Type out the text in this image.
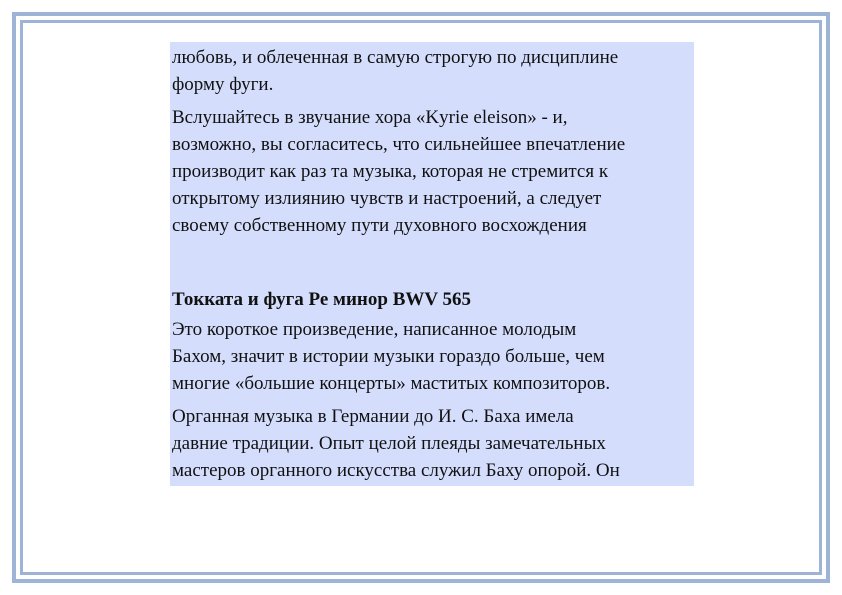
любовь, и облеченная в самую строгую по дисциплине
форму фуги.

Вслушайтесь в звучание хора «Kyrie eleison» - и,
возможно, вы согласитесь, что сильнейшее впечатление
производит как раз та музыка, которая не стремится к
открытому излиянию чувств и настроений, а следует
своему собственному пути духовного восхождения

Токката и фуга Ре минор BWV 565

Это короткое произведение, написанное молодым
Бахом, значит в истории музыки гораздо больше, чем
многие «большие концерты» маститых композиторов.

Органная музыка в Германии до И. С. Баха имела
давние традиции. Опыт целой плеяды замечательных
мастеров органного искусства служил Баху опорой. Он
